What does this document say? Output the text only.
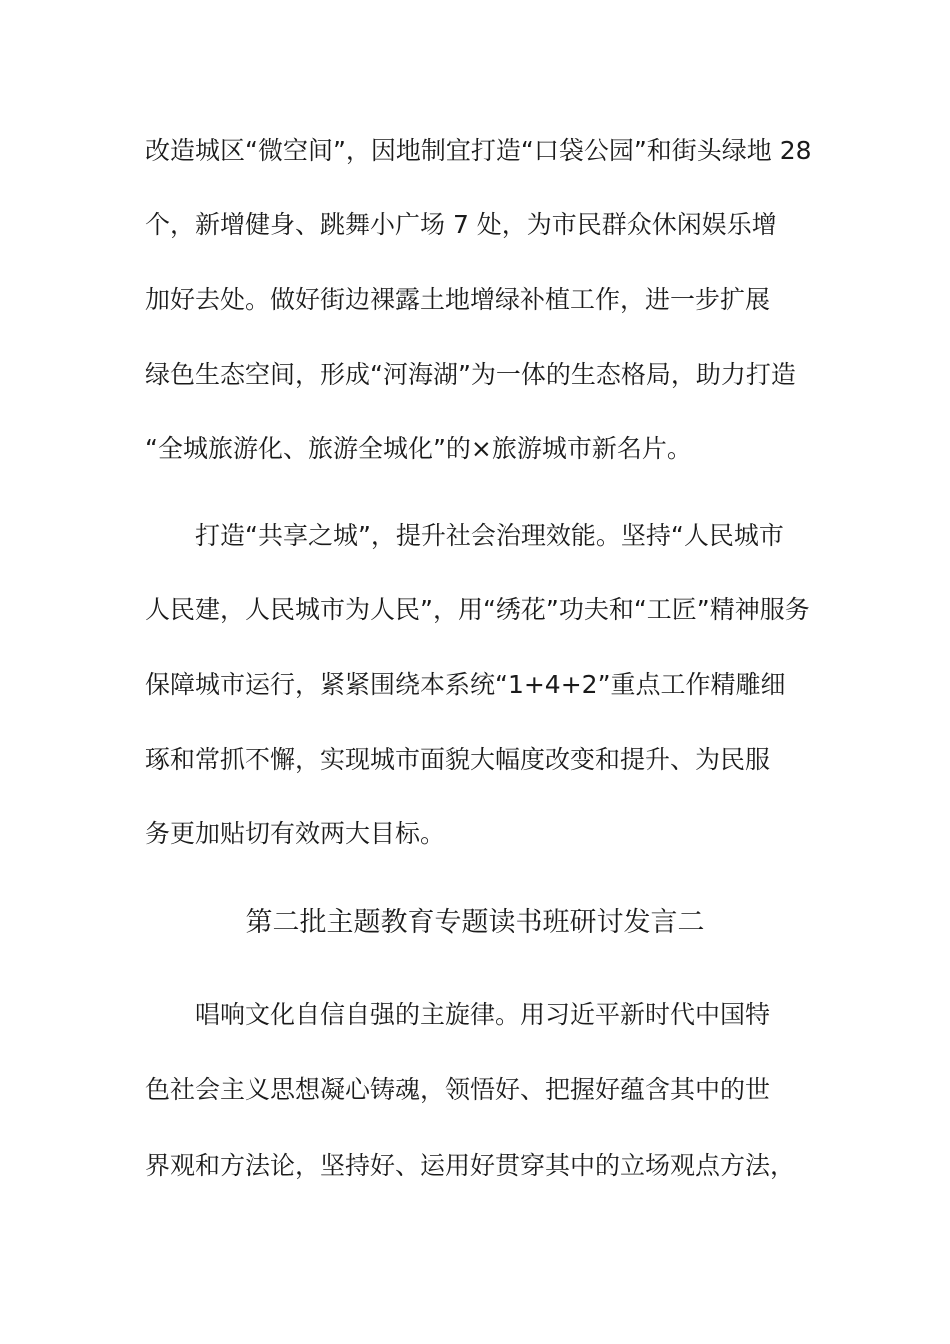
改造城区“微空间”，因地制宜打造“口袋公园”和街头绿地 28
个，新增健身、跳舞小广场 7 处，为市民群众休闲娱乐增
加好去处。做好街边裸露土地增绿补植工作，进一步扩展
绿色生态空间，形成“河海湖”为一体的生态格局，助力打造
“全城旅游化、旅游全城化”的×旅游城市新名片。
打造“共享之城”，提升社会治理效能。坚持“人民城市
人民建，人民城市为人民”，用“绣花”功夫和“工匠”精神服务
保障城市运行，紧紧围绕本系统“1+4+2”重点工作精雕细
琢和常抓不懈，实现城市面貌大幅度改变和提升、为民服
务更加贴切有效两大目标。
第二批主题教育专题读书班研讨发言二
唱响文化自信自强的主旋律。用习近平新时代中国特
色社会主义思想凝心铸魂，领悟好、把握好蕴含其中的世
界观和方法论，坚持好、运用好贯穿其中的立场观点方法，
